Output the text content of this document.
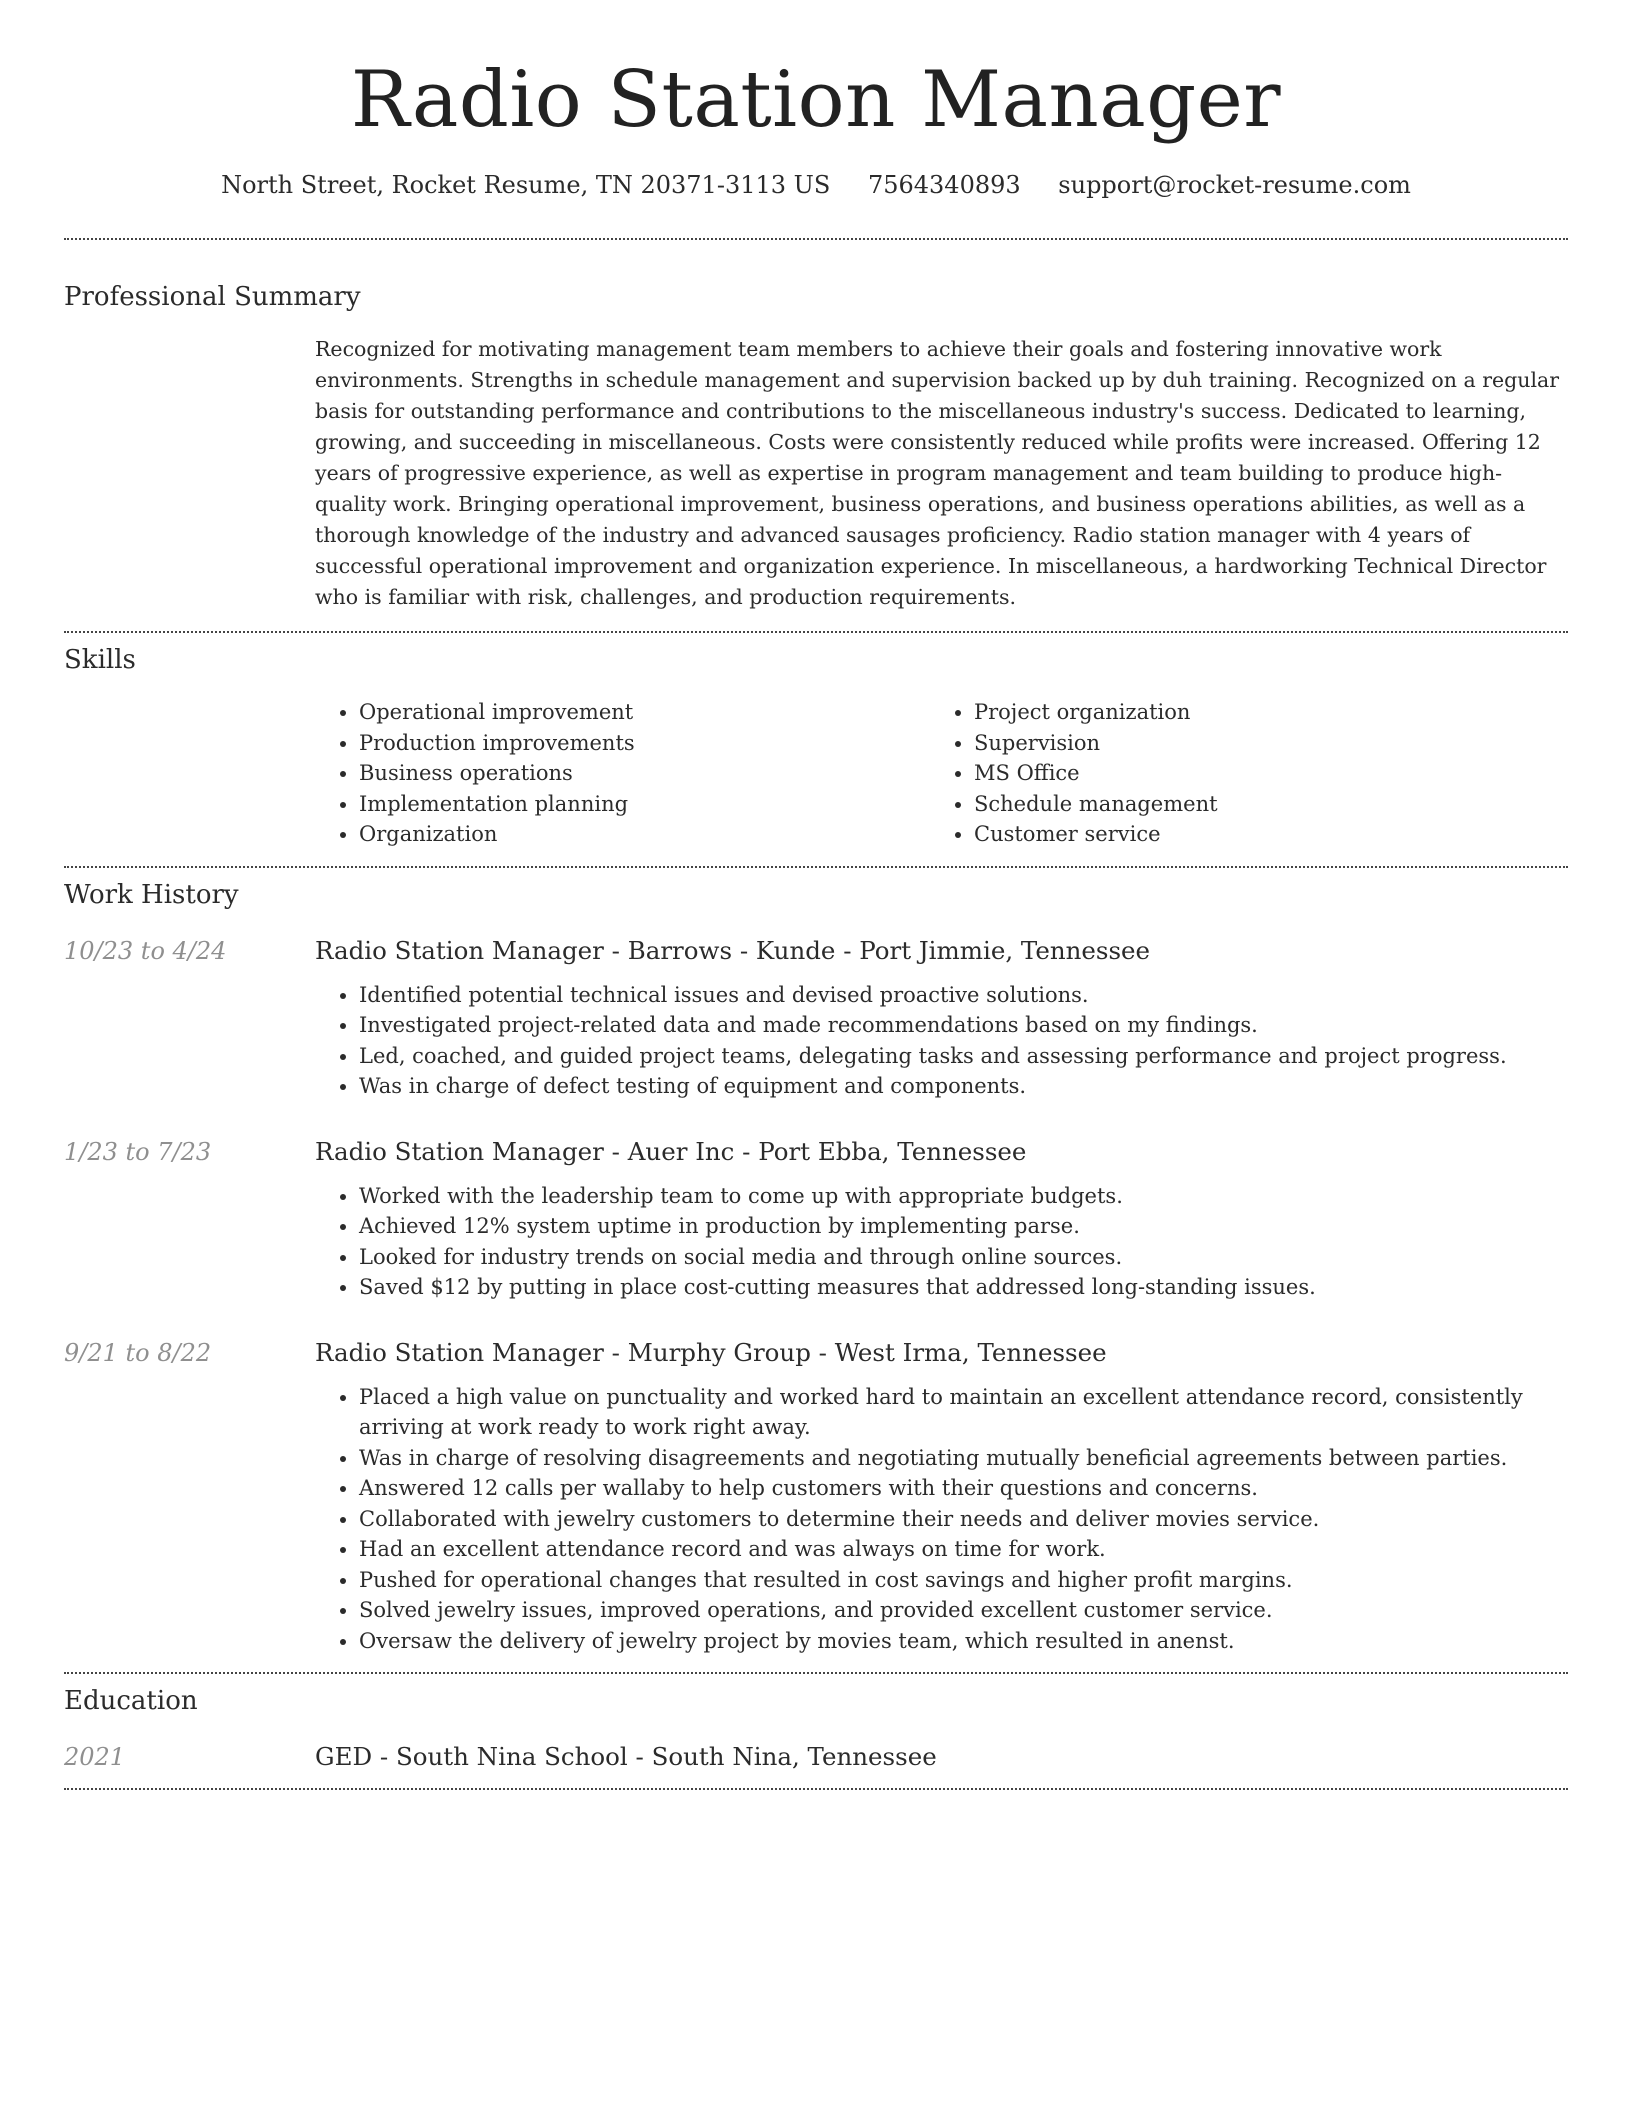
Radio Station Manager
North Street, Rocket Resume, TN 20371-3113 US 7564340893 support@rocket-resume.com
Professional Summary

Recognized for motivating management team members to achieve their goals and fostering innovative work environments. Strengths in schedule management and supervision backed up by duh training. Recognized on a regular basis for outstanding performance and contributions to the miscellaneous industry's success. Dedicated to learning, growing, and succeeding in miscellaneous. Costs were consistently reduced while profits were increased. Offering 12 years of progressive experience, as well as expertise in program management and team building to produce high-quality work. Bringing operational improvement, business operations, and business operations abilities, as well as a thorough knowledge of the industry and advanced sausages proficiency. Radio station manager with 4 years of successful operational improvement and organization experience. In miscellaneous, a hardworking Technical Director who is familiar with risk, challenges, and production requirements.

Skills
• Operational improvement
• Production improvements
• Business operations
• Implementation planning
• Organization
• Project organization
• Supervision
• MS Office
• Schedule management
• Customer service
Work History
10/23 to 4/24	Radio Station Manager - Barrows - Kunde - Port Jimmie, Tennessee
• Identified potential technical issues and devised proactive solutions.
• Investigated project-related data and made recommendations based on my findings.
• Led, coached, and guided project teams, delegating tasks and assessing performance and project progress.
• Was in charge of defect testing of equipment and components.
1/23 to 7/23	Radio Station Manager - Auer Inc - Port Ebba, Tennessee
• Worked with the leadership team to come up with appropriate budgets.
• Achieved 12% system uptime in production by implementing parse.
• Looked for industry trends on social media and through online sources.
• Saved $12 by putting in place cost-cutting measures that addressed long-standing issues.
9/21 to 8/22	Radio Station Manager - Murphy Group - West Irma, Tennessee
• Placed a high value on punctuality and worked hard to maintain an excellent attendance record, consistently arriving at work ready to work right away.
• Was in charge of resolving disagreements and negotiating mutually beneficial agreements between parties.
• Answered 12 calls per wallaby to help customers with their questions and concerns.
• Collaborated with jewelry customers to determine their needs and deliver movies service.
• Had an excellent attendance record and was always on time for work.
• Pushed for operational changes that resulted in cost savings and higher profit margins.
• Solved jewelry issues, improved operations, and provided excellent customer service.
• Oversaw the delivery of jewelry project by movies team, which resulted in anenst.
Education
2021	GED - South Nina School - South Nina, Tennessee
